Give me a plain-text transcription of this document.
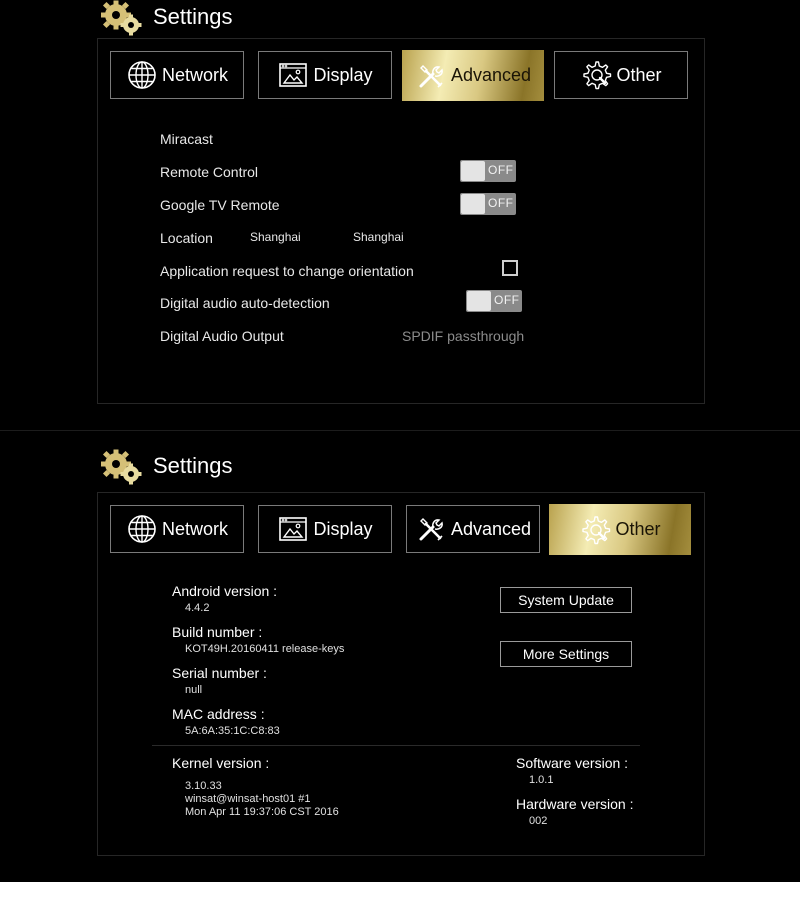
Settings
Network	Display	Advanced	Other
Miracast
Remote Control	OFF
Google TV Remote	OFF
Location	Shanghai	Shanghai
Application request to change orientation
Digital audio auto-detection	OFF
Digital Audio Output	SPDIF passthrough
Settings
Network	Display	Advanced	Other
Android version :
4.4.2
Build number :
KOT49H.20160411 release-keys
Serial number :
null
MAC address :
5A:6A:35:1C:C8:83
System Update
More Settings
Kernel version :
3.10.33
winsat@winsat-host01 #1
Mon Apr 11 19:37:06 CST 2016
Software version :
1.0.1
Hardware version :
002
